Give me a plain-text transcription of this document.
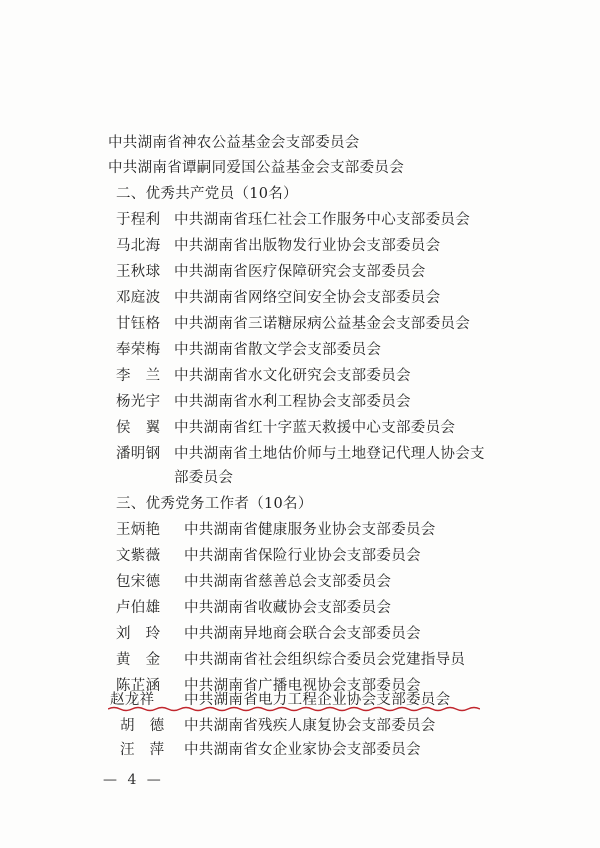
中共湖南省神农公益基金会支部委员会
中共湖南省谭嗣同爱国公益基金会支部委员会
二、优秀共产党员（10名）
于程利 中共湖南省珏仁社会工作服务中心支部委员会
马北海 中共湖南省出版物发行业协会支部委员会
王秋球 中共湖南省医疗保障研究会支部委员会
邓庭波 中共湖南省网络空间安全协会支部委员会
甘钰格 中共湖南省三诺糖尿病公益基金会支部委员会
奉荣梅 中共湖南省散文学会支部委员会
李　兰 中共湖南省水文化研究会支部委员会
杨光宇 中共湖南省水利工程协会支部委员会
侯　翼 中共湖南省红十字蓝天救援中心支部委员会
潘明钢 中共湖南省土地估价师与土地登记代理人协会支
部委员会
三、优秀党务工作者（10名）
王炳艳 中共湖南省健康服务业协会支部委员会
文紫薇 中共湖南省保险行业协会支部委员会
包宋德 中共湖南省慈善总会支部委员会
卢伯雄 中共湖南省收藏协会支部委员会
刘　玲 中共湖南异地商会联合会支部委员会
黄　金 中共湖南省社会组织综合委员会党建指导员
陈芷涵 中共湖南省广播电视协会支部委员会
赵龙祥 中共湖南省电力工程企业协会支部委员会
胡　德 中共湖南省残疾人康复协会支部委员会
汪　萍 中共湖南省女企业家协会支部委员会
— 4 —
